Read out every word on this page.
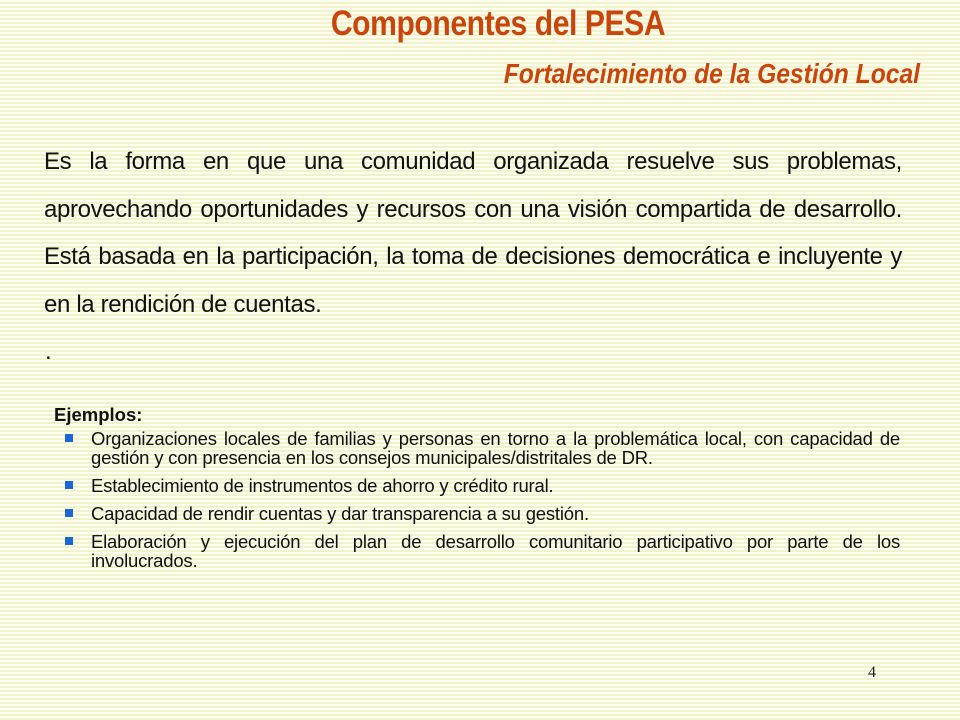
Componentes del PESA
Fortalecimiento de la Gestión Local

Es la forma en que una comunidad organizada resuelve sus problemas, aprovechando oportunidades y recursos con una visión compartida de desarrollo. Está basada en la participación, la toma de decisiones democrática e incluyente y en la rendición de cuentas.

.

Ejemplos:

Organizaciones locales de familias y personas en torno a la problemática local, con capacidad de gestión y con presencia en los consejos municipales/distritales de DR.
Establecimiento de instrumentos de ahorro y crédito rural.
Capacidad de rendir cuentas y dar transparencia a su gestión.
Elaboración y ejecución del plan de desarrollo comunitario participativo por parte de los involucrados.

4
